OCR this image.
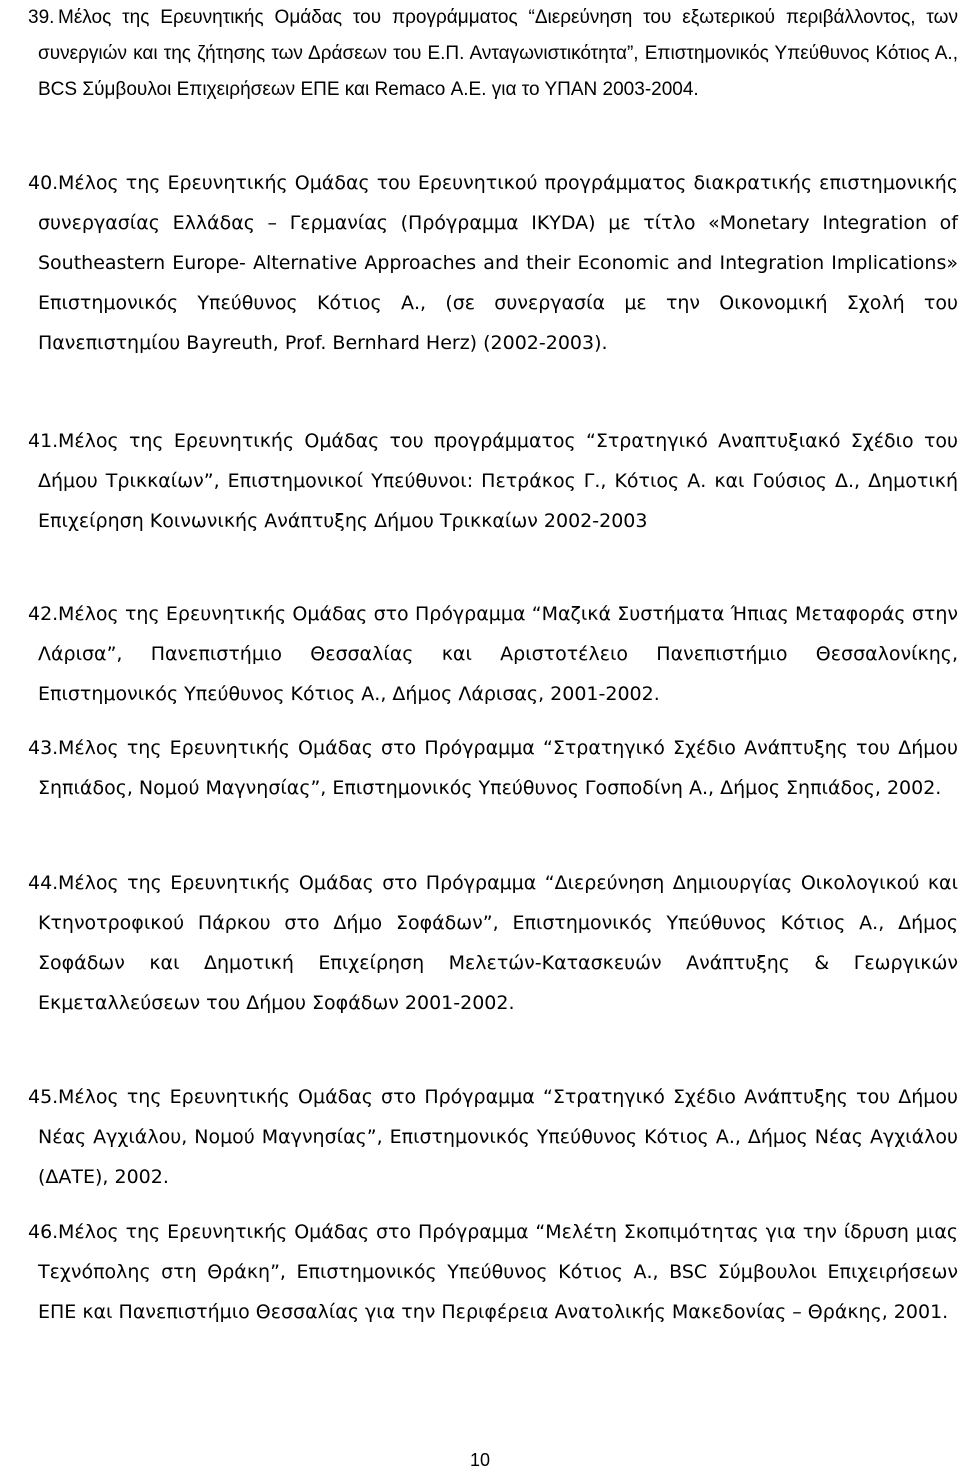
39. Μέλος της Ερευνητικής Ομάδας του προγράμματος “Διερεύνηση του εξωτερικού περιβάλλοντος, των συνεργιών και της ζήτησης των Δράσεων του Ε.Π. Ανταγωνιστικότητα”, Επιστημονικός Υπεύθυνος Κότιος Α., BCS Σύμβουλοι Επιχειρήσεων ΕΠΕ και Remaco Α.Ε. για το ΥΠΑΝ 2003-2004.
40.Μέλος της Ερευνητικής Ομάδας του Ερευνητικού προγράμματος διακρατικής επιστημονικής συνεργασίας Ελλάδας – Γερμανίας (Πρόγραμμα ΙΚΥDA) με τίτλο «Monetary Integration of Southeastern Europe- Alternative Approaches and their Economic and Integration Implications» Επιστημονικός Υπεύθυνος Κότιος Α., (σε συνεργασία με την Οικονομική Σχολή του Πανεπιστημίου Bayreuth, Prof. Bernhard Herz) (2002-2003).
41.Μέλος της Ερευνητικής Ομάδας του προγράμματος “Στρατηγικό Αναπτυξιακό Σχέδιο του Δήμου Τρικκαίων”, Επιστημονικοί Υπεύθυνοι: Πετράκος Γ., Κότιος Α. και Γούσιος Δ., Δημοτική Επιχείρηση Κοινωνικής Ανάπτυξης Δήμου Τρικκαίων 2002-2003
42.Μέλος της Ερευνητικής Ομάδας στο Πρόγραμμα “Μαζικά Συστήματα Ήπιας Μεταφοράς στην Λάρισα”, Πανεπιστήμιο Θεσσαλίας και Αριστοτέλειο Πανεπιστήμιο Θεσσαλονίκης, Επιστημονικός Υπεύθυνος Κότιος Α., Δήμος Λάρισας, 2001-2002.
43.Μέλος της Ερευνητικής Ομάδας στο Πρόγραμμα “Στρατηγικό Σχέδιο Ανάπτυξης του Δήμου Σηπιάδος, Νομού Μαγνησίας”, Επιστημονικός Υπεύθυνος Γοσποδίνη Α., Δήμος Σηπιάδος, 2002.
44.Μέλος της Ερευνητικής Ομάδας στο Πρόγραμμα “Διερεύνηση Δημιουργίας Οικολογικού και Κτηνοτροφικού Πάρκου στο Δήμο Σοφάδων”, Επιστημονικός Υπεύθυνος Κότιος Α., Δήμος Σοφάδων και Δημοτική Επιχείρηση Μελετών-Κατασκευών Ανάπτυξης & Γεωργικών Εκμεταλλεύσεων του Δήμου Σοφάδων 2001-2002.
45.Μέλος της Ερευνητικής Ομάδας στο Πρόγραμμα “Στρατηγικό Σχέδιο Ανάπτυξης του Δήμου Νέας Αγχιάλου, Νομού Μαγνησίας”, Επιστημονικός Υπεύθυνος Κότιος Α., Δήμος Νέας Αγχιάλου (ΔΑΤΕ), 2002.
46.Μέλος της Ερευνητικής Ομάδας στο Πρόγραμμα “Μελέτη Σκοπιμότητας για την ίδρυση μιας Τεχνόπολης στη Θράκη”, Επιστημονικός Υπεύθυνος Κότιος Α., BSC Σύμβουλοι Επιχειρήσεων ΕΠΕ και Πανεπιστήμιο Θεσσαλίας για την Περιφέρεια Ανατολικής Μακεδονίας – Θράκης, 2001.
10
